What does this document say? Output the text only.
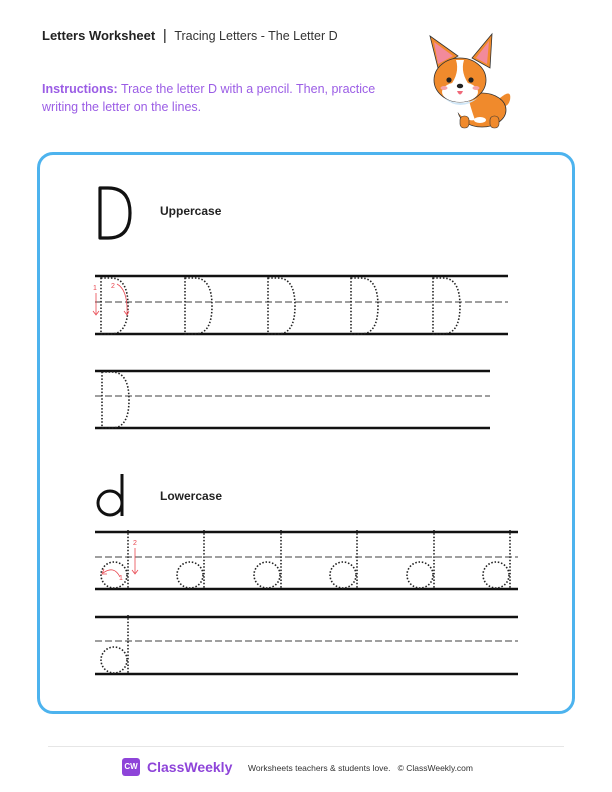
Letters Worksheet | Tracing Letters - The Letter D
Instructions: Trace the letter D with a pencil. Then, practice writing the letter on the lines.
Uppercase
Lowercase
1 2
1
2
CW ClassWeekly Worksheets teachers & students love.   © ClassWeekly.com
